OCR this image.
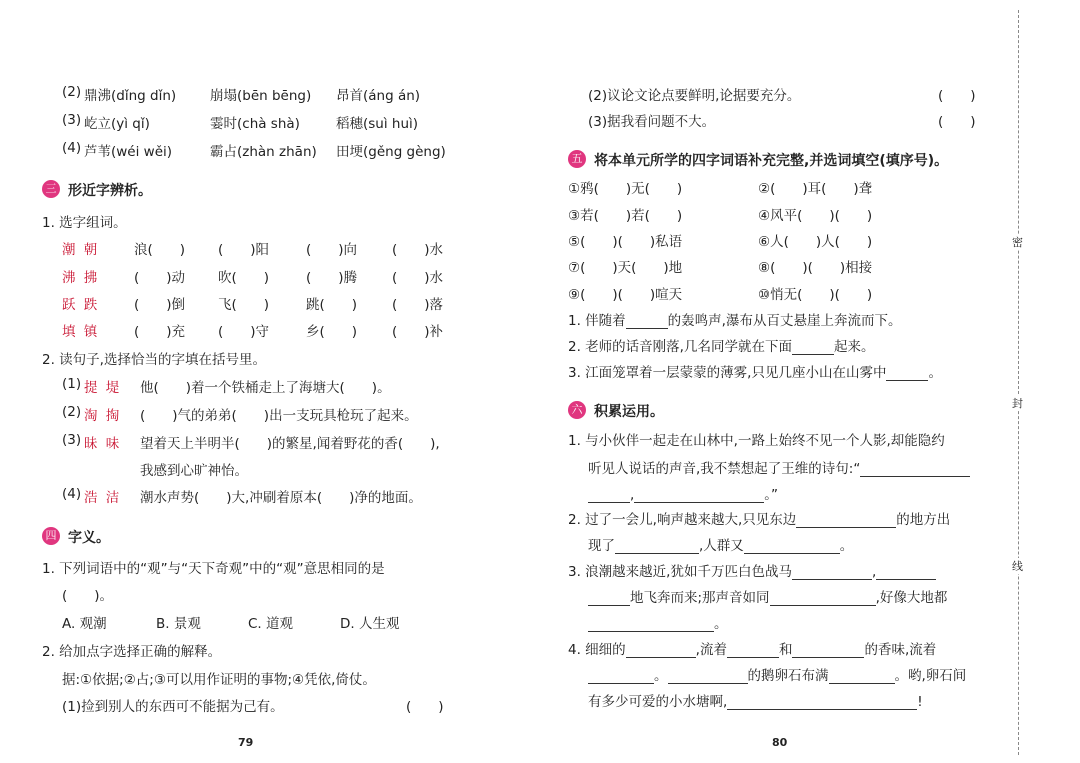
(2) 鼎沸(dǐng dǐn)	崩塌(bēn bēng) 昂首(áng án)
(3) 屹立(yì qǐ)	霎时(chà shà)	稻穗(suì huì)
(4) 芦苇(wéi wěi)	霸占(zhàn zhān) 田埂(gěng gèng)
三 形近字辨析。
1. 选字组词。
潮 朝	浪(　　) (　　)阳	(　　)向	(　　)水
沸 拂	(　　)动 吹(　　)	(　　)腾	(　　)水
跃 跌	(　　)倒 飞(　　)	跳(　　)	(　　)落
填 镇	(　　)充 (　　)守	乡(　　)	(　　)补
2. 读句子,选择恰当的字填在括号里。
(1) 提 堤 他(　　)着一个铁桶走上了海塘大(　　)。
(2) 淘 掏 (　　)气的弟弟(　　)出一支玩具枪玩了起来。
(3) 昧 味 望着天上半明半(　　)的繁星,闻着野花的香(　　),
我感到心旷神怡。
(4) 浩 洁 潮水声势(　　)大,冲刷着原本(　　)净的地面。
四 字义。
1. 下列词语中的“观”与“天下奇观”中的“观”意思相同的是
(　　)。
A. 观潮	B. 景观	C. 道观	D. 人生观
2. 给加点字选择正确的解释。
据:①依据;②占;③可以用作证明的事物;④凭依,倚仗。
(1)捡到别人的东西可不能据为己有。	(　　)
79
(2)议论文论点要鲜明,论据要充分。	(　　)
(3)据我看问题不大。	(　　)
五 将本单元所学的四字词语补充完整,并选词填空(填序号)。
①鸦(　　)无(　　)	②(　　)耳(　　)聋
③若(　　)若(　　)	④风平(　　)(　　)
⑤(　　)(　　)私语	⑥人(　　)人(　　)
⑦(　　)天(　　)地	⑧(　　)(　　)相接
⑨(　　)(　　)喧天	⑩悄无(　　)(　　)
1. 伴随着	的轰鸣声,瀑布从百丈悬崖上奔流而下。
2. 老师的话音刚落,几名同学就在下面	起来。
3. 江面笼罩着一层蒙蒙的薄雾,只见几座小山在山雾中	。
六 积累运用。
1. 与小伙伴一起走在山林中,一路上始终不见一个人影,却能隐约
听见人说话的声音,我不禁想起了王维的诗句:“
,	。”
2. 过了一会儿,响声越来越大,只见东边	的地方出
现了	,人群又	。
3. 浪潮越来越近,犹如千万匹白色战马	,
地飞奔而来;那声音如同	,好像大地都
。
4. 细细的	,流着	和	的香味,流着
。	的鹅卵石布满	。哟,卵石间
有多少可爱的小水塘啊,	!
80
密
封
线
